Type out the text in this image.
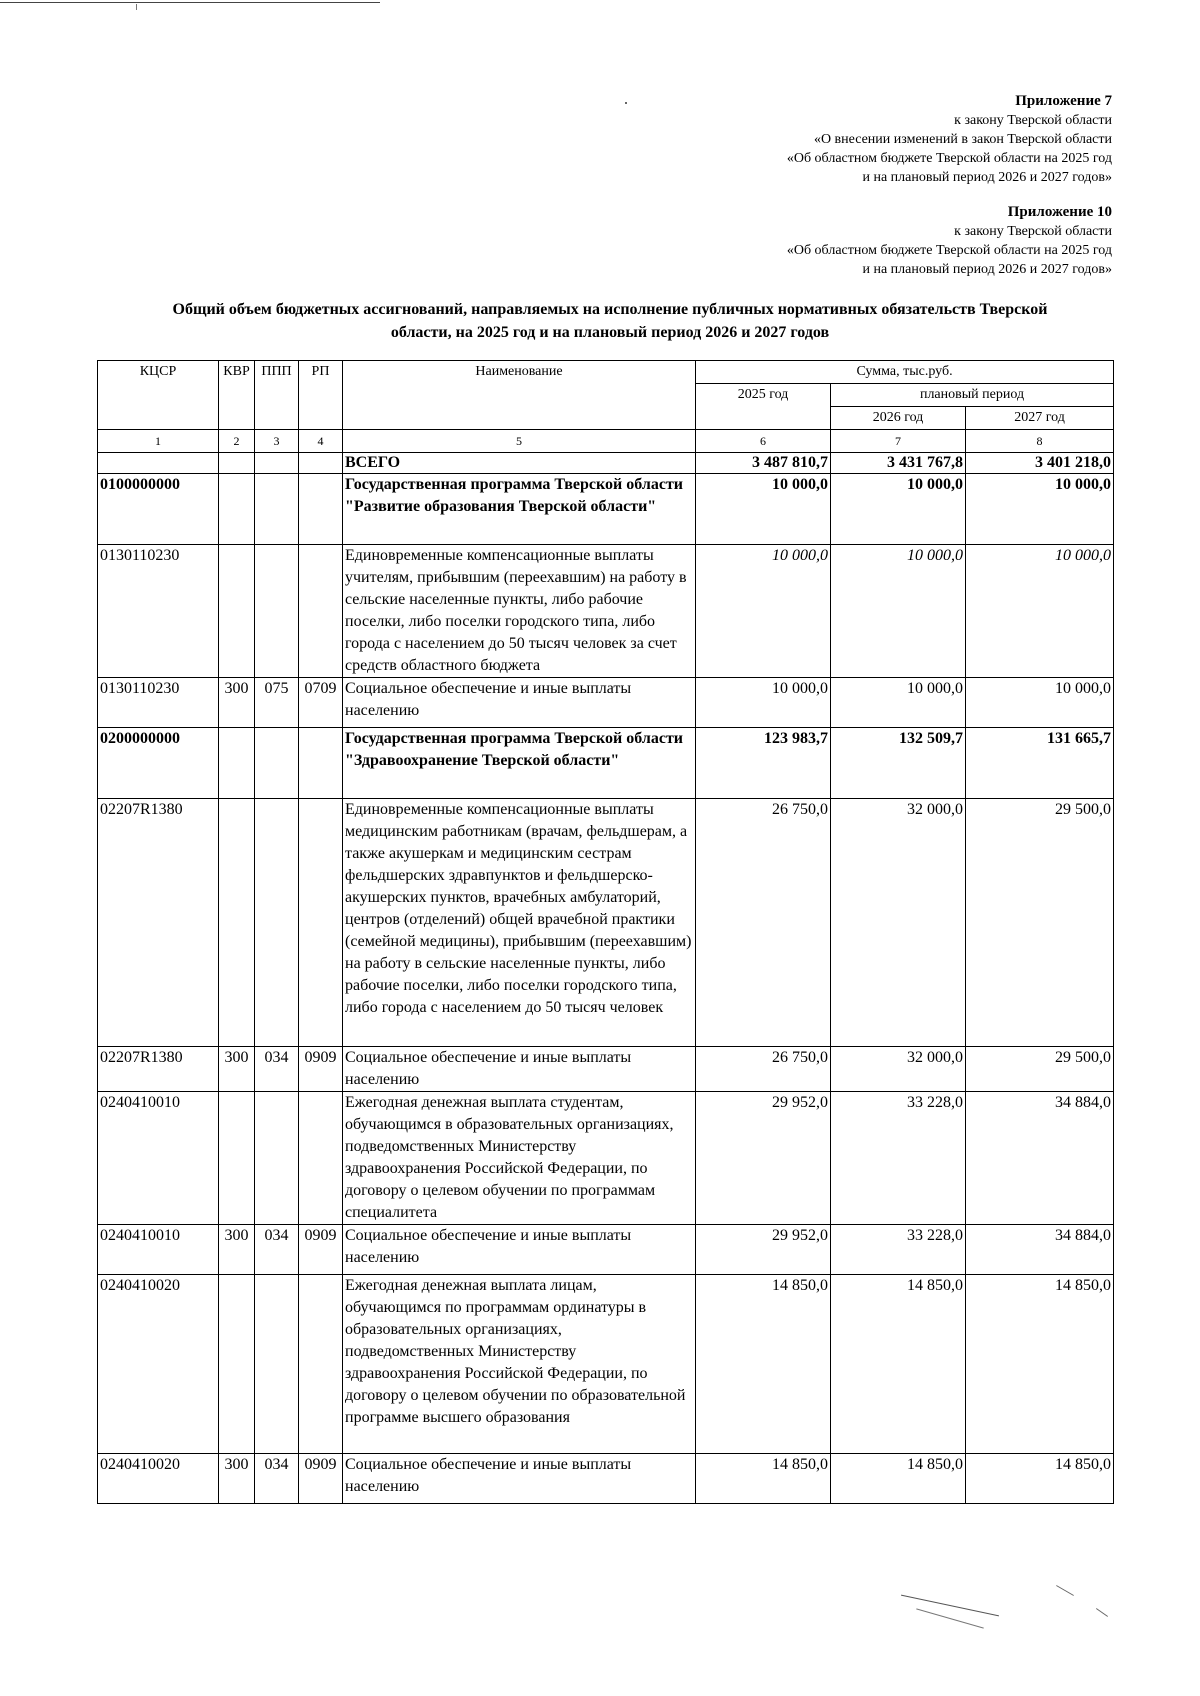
Приложение 7
к закону Тверской области
«О внесении изменений в закон Тверской области
«Об областном бюджете Тверской области на 2025 год
и на плановый период 2026 и 2027 годов»
Приложение 10
к закону Тверской области
«Об областном бюджете Тверской области на 2025 год
и на плановый период 2026 и 2027 годов»
Общий объем бюджетных ассигнований, направляемых на исполнение публичных нормативных обязательств Тверской
области, на 2025 год и на плановый период 2026 и 2027 годов
КЦСР	КВР	ППП	РП	Наименование	Сумма, тыс.руб.		
					2025 год	плановый период	
						2026 год	2027 год
1	2	3	4	5	6	7	8
				ВСЕГО	3 487 810,7	3 431 767,8	3 401 218,0
0100000000				Государственная программа Тверской области "Развитие образования Тверской области"	10 000,0	10 000,0	10 000,0
0130110230				Единовременные компенсационные выплаты учителям, прибывшим (переехавшим) на работу в сельские населенные пункты, либо рабочие поселки, либо поселки городского типа, либо города с населением до 50 тысяч человек за счет средств областного бюджета	10 000,0	10 000,0	10 000,0
0130110230	300	075	0709	Социальное обеспечение и иные выплаты населению	10 000,0	10 000,0	10 000,0
0200000000				Государственная программа Тверской области "Здравоохранение Тверской области"	123 983,7	132 509,7	131 665,7
02207R1380				Единовременные компенсационные выплаты медицинским работникам (врачам, фельдшерам, а также акушеркам и медицинским сестрам фельдшерских здравпунктов и фельдшерско-акушерских пунктов, врачебных амбулаторий, центров (отделений) общей врачебной практики (семейной медицины), прибывшим (переехавшим) на работу в сельские населенные пункты, либо рабочие поселки, либо поселки городского типа, либо города с населением до 50 тысяч человек	26 750,0	32 000,0	29 500,0
02207R1380	300	034	0909	Социальное обеспечение и иные выплаты населению	26 750,0	32 000,0	29 500,0
0240410010				Ежегодная денежная выплата студентам, обучающимся в образовательных организациях, подведомственных Министерству здравоохранения Российской Федерации, по договору о целевом обучении по программам специалитета	29 952,0	33 228,0	34 884,0
0240410010	300	034	0909	Социальное обеспечение и иные выплаты населению	29 952,0	33 228,0	34 884,0
0240410020				Ежегодная денежная выплата лицам, обучающимся по программам ординатуры в образовательных организациях, подведомственных Министерству здравоохранения Российской Федерации, по договору о целевом обучении по образовательной программе высшего образования	14 850,0	14 850,0	14 850,0
0240410020	300	034	0909	Социальное обеспечение и иные выплаты населению	14 850,0	14 850,0	14 850,0
